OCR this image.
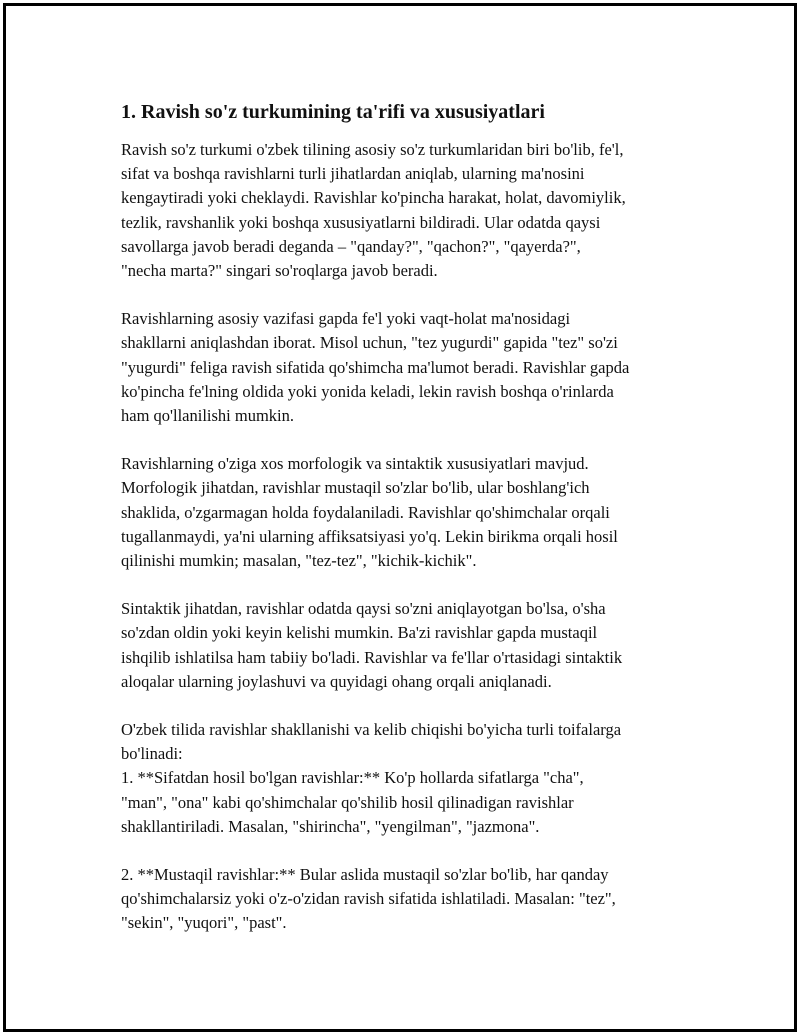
1. Ravish so'z turkumining ta'rifi va xususiyatlari

Ravish so'z turkumi o'zbek tilining asosiy so'z turkumlaridan biri bo'lib, fe'l,
sifat va boshqa ravishlarni turli jihatlardan aniqlab, ularning ma'nosini
kengaytiradi yoki cheklaydi. Ravishlar ko'pincha harakat, holat, davomiylik,
tezlik, ravshanlik yoki boshqa xususiyatlarni bildiradi. Ular odatda qaysi
savollarga javob beradi deganda – "qanday?", "qachon?", "qayerda?",
"necha marta?" singari so'roqlarga javob beradi.

Ravishlarning asosiy vazifasi gapda fe'l yoki vaqt-holat ma'nosidagi
shakllarni aniqlashdan iborat. Misol uchun, "tez yugurdi" gapida "tez" so'zi
"yugurdi" feliga ravish sifatida qo'shimcha ma'lumot beradi. Ravishlar gapda
ko'pincha fe'lning oldida yoki yonida keladi, lekin ravish boshqa o'rinlarda
ham qo'llanilishi mumkin.

Ravishlarning o'ziga xos morfologik va sintaktik xususiyatlari mavjud.
Morfologik jihatdan, ravishlar mustaqil so'zlar bo'lib, ular boshlang'ich
shaklida, o'zgarmagan holda foydalaniladi. Ravishlar qo'shimchalar orqali
tugallanmaydi, ya'ni ularning affiksatsiyasi yo'q. Lekin birikma orqali hosil
qilinishi mumkin; masalan, "tez-tez", "kichik-kichik".

Sintaktik jihatdan, ravishlar odatda qaysi so'zni aniqlayotgan bo'lsa, o'sha
so'zdan oldin yoki keyin kelishi mumkin. Ba'zi ravishlar gapda mustaqil
ishqilib ishlatilsa ham tabiiy bo'ladi. Ravishlar va fe'llar o'rtasidagi sintaktik
aloqalar ularning joylashuvi va quyidagi ohang orqali aniqlanadi.

O'zbek tilida ravishlar shakllanishi va kelib chiqishi bo'yicha turli toifalarga
bo'linadi:

1. **Sifatdan hosil bo'lgan ravishlar:** Ko'p hollarda sifatlarga "cha",
"man", "ona" kabi qo'shimchalar qo'shilib hosil qilinadigan ravishlar
shakllantiriladi. Masalan, "shirincha", "yengilman", "jazmona".

2. **Mustaqil ravishlar:** Bular aslida mustaqil so'zlar bo'lib, har qanday
qo'shimchalarsiz yoki o'z-o'zidan ravish sifatida ishlatiladi. Masalan: "tez",
"sekin", "yuqori", "past".
